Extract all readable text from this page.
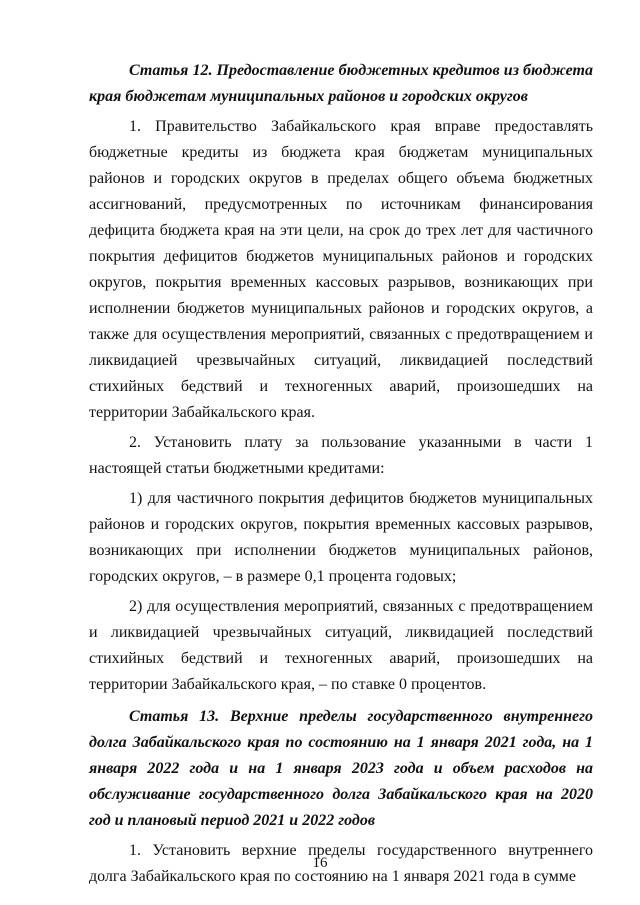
Статья 12. Предоставление бюджетных кредитов из бюджета края бюджетам муниципальных районов и городских округов

1. Правительство Забайкальского края вправе предоставлять бюджетные кредиты из бюджета края бюджетам муниципальных районов и городских округов в пределах общего объема бюджетных ассигнований, предусмотренных по источникам финансирования дефицита бюджета края на эти цели, на срок до трех лет для частичного покрытия дефицитов бюджетов муниципальных районов и городских округов, покрытия временных кассовых разрывов, возникающих при исполнении бюджетов муниципальных районов и городских округов, а также для осуществления мероприятий, связанных с предотвращением и ликвидацией чрезвычайных ситуаций, ликвидацией последствий стихийных бедствий и техногенных аварий, произошедших на территории Забайкальского края.

2. Установить плату за пользование указанными в части 1 настоящей статьи бюджетными кредитами:

1) для частичного покрытия дефицитов бюджетов муниципальных районов и городских округов, покрытия временных кассовых разрывов, возникающих при исполнении бюджетов муниципальных районов, городских округов, – в размере 0,1 процента годовых;

2) для осуществления мероприятий, связанных с предотвращением и ликвидацией чрезвычайных ситуаций, ликвидацией последствий стихийных бедствий и техногенных аварий, произошедших на территории Забайкальского края, – по ставке 0 процентов.

Статья 13. Верхние пределы государственного внутреннего долга Забайкальского края по состоянию на 1 января 2021 года, на 1 января 2022 года и на 1 января 2023 года и объем расходов на обслуживание государственного долга Забайкальского края на 2020 год и плановый период 2021 и 2022 годов

1. Установить верхние пределы государственного внутреннего долга Забайкальского края по состоянию на 1 января 2021 года в сумме

16
